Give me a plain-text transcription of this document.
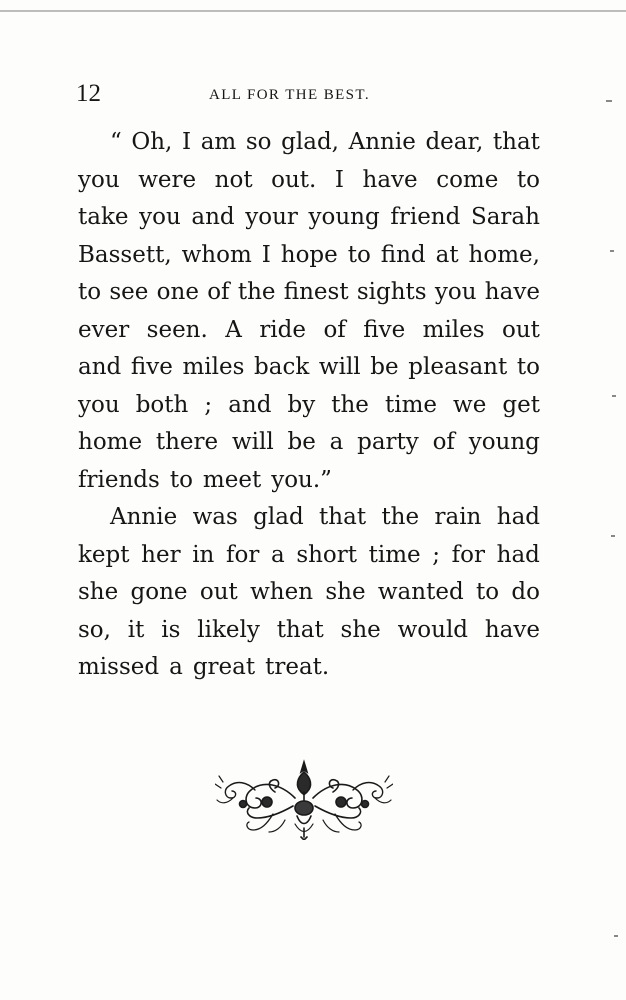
12	ALL FOR THE BEST.
“ Oh, I am so glad, Annie dear, that
you were not out. I have come to
take you and your young friend Sarah
Bassett, whom I hope to find at home,
to see one of the finest sights you have
ever seen. A ride of five miles out
and five miles back will be pleasant to
you both ; and by the time we get
home there will be a party of young
friends to meet you.”
Annie was glad that the rain had
kept her in for a short time ; for had
she gone out when she wanted to do
so, it is likely that she would have
missed a great treat.
